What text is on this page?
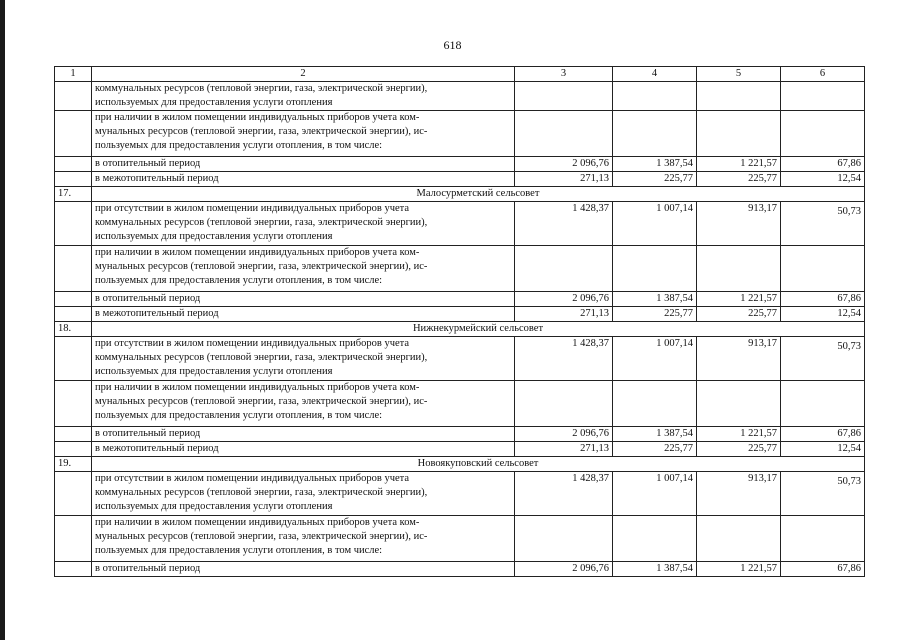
618
1	2	3	4	5	6

	коммунальных ресурсов (тепловой энергии, газа, электрической энергии),
используемых для предоставления услуги отопления				

	при наличии в жилом помещении индивидуальных приборов учета ком-
мунальных ресурсов (тепловой энергии, газа, электрической энергии), ис-
пользуемых для предоставления услуги отопления, в том числе:				

	в отопительный период	2 096,76	1 387,54	1 221,57	67,86
	в межотопительный период	271,13	225,77	225,77	12,54
17.	Малосурметский сельсовет				

	при отсутствии в жилом помещении индивидуальных приборов учета
коммунальных ресурсов (тепловой энергии, газа, электрической энергии),
используемых для предоставления услуги отопления	1 428,37	1 007,14	913,17	50,73

	при наличии в жилом помещении индивидуальных приборов учета ком-
мунальных ресурсов (тепловой энергии, газа, электрической энергии), ис-
пользуемых для предоставления услуги отопления, в том числе:				

	в отопительный период	2 096,76	1 387,54	1 221,57	67,86
	в межотопительный период	271,13	225,77	225,77	12,54
18.	Нижнекурмейский сельсовет				

	при отсутствии в жилом помещении индивидуальных приборов учета
коммунальных ресурсов (тепловой энергии, газа, электрической энергии),
используемых для предоставления услуги отопления	1 428,37	1 007,14	913,17	50,73

	при наличии в жилом помещении индивидуальных приборов учета ком-
мунальных ресурсов (тепловой энергии, газа, электрической энергии), ис-
пользуемых для предоставления услуги отопления, в том числе:				

	в отопительный период	2 096,76	1 387,54	1 221,57	67,86
	в межотопительный период	271,13	225,77	225,77	12,54
19.	Новоякуповский сельсовет				

	при отсутствии в жилом помещении индивидуальных приборов учета
коммунальных ресурсов (тепловой энергии, газа, электрической энергии),
используемых для предоставления услуги отопления	1 428,37	1 007,14	913,17	50,73

	при наличии в жилом помещении индивидуальных приборов учета ком-
мунальных ресурсов (тепловой энергии, газа, электрической энергии), ис-
пользуемых для предоставления услуги отопления, в том числе:				

	в отопительный период	2 096,76	1 387,54	1 221,57	67,86
